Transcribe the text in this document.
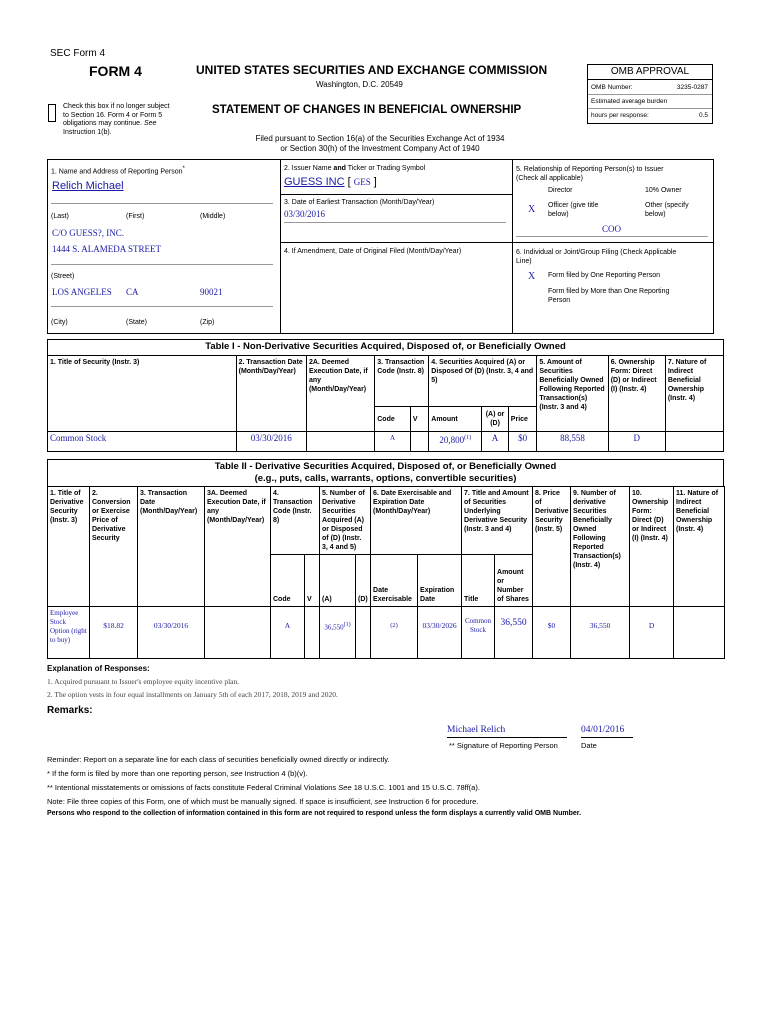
SEC Form 4
FORM 4	UNITED STATES SECURITIES AND EXCHANGE COMMISSION
Washington, D.C. 20549
Check this box if no longer subject
to Section 16. Form 4 or Form 5
obligations may continue. See
Instruction 1(b).
STATEMENT OF CHANGES IN BENEFICIAL OWNERSHIP
Filed pursuant to Section 16(a) of the Securities Exchange Act of 1934
or Section 30(h) of the Investment Company Act of 1940
OMB APPROVAL
OMB Number:	3235-0287
Estimated average burden
hours per response:	0.5
1. Name and Address of Reporting Person*
Relich Michael
(Last)	(First)	(Middle)
C/O GUESS?, INC.
1444 S. ALAMEDA STREET
(Street)
LOS ANGELES CA	90021
(City)	(State)	(Zip)
2. Issuer Name and Ticker or Trading Symbol
GUESS INC [ GES ]
3. Date of Earliest Transaction (Month/Day/Year)
03/30/2016
4. If Amendment, Date of Original Filed (Month/Day/Year)
5. Relationship of Reporting Person(s) to Issuer
(Check all applicable)
Director	10% Owner
X Officer (give title
below)
Other (specify
below)
COO
6. Individual or Joint/Group Filing (Check Applicable
Line)
X Form filed by One Reporting Person
Form filed by More than One Reporting
Person
Table I - Non-Derivative Securities Acquired, Disposed of, or Beneficially Owned
1. Title of Security (Instr. 3)	2. Transaction Date (Month/Day/Year)	2A. Deemed Execution Date, if any (Month/Day/Year)	3. Transaction Code (Instr. 8)		4. Securities Acquired (A) or Disposed Of (D) (Instr. 3, 4 and 5)			5. Amount of Securities Beneficially Owned Following Reported Transaction(s) (Instr. 3 and 4)	6. Ownership Form: Direct (D) or Indirect (I) (Instr. 4)	7. Nature of Indirect Beneficial Ownership (Instr. 4)
			Code	V	Amount	(A) or (D)	Price			
Common Stock	03/30/2016		A		20,800$^{(1)}$	A	$0	88,558	D	
Table II - Derivative Securities Acquired, Disposed of, or Beneficially Owned
(e.g., puts, calls, warrants, options, convertible securities)
1. Title of Derivative Security (Instr. 3)	2. Conversion or Exercise Price of Derivative Security	3. Transaction Date (Month/Day/Year)	3A. Deemed Execution Date, if any (Month/Day/Year)	4. Transaction Code (Instr. 8)		5. Number of Derivative Securities Acquired (A) or Disposed of (D) (Instr. 3, 4 and 5)		6. Date Exercisable and Expiration Date (Month/Day/Year)		7. Title and Amount of Securities Underlying Derivative Security (Instr. 3 and 4)		8. Price of Derivative Security (Instr. 5)	9. Number of derivative Securities Beneficially Owned Following Reported Transaction(s) (Instr. 4)	10. Ownership Form: Direct (D) or Indirect (I) (Instr. 4)	11. Nature of Indirect Beneficial Ownership (Instr. 4)
				Code	V	(A)	(D)	Date Exercisable	Expiration Date	Title	Amount or Number of Shares				
Employee Stock Option (right to buy)	$18.82	03/30/2016		A		36,550$^{(1)}$		(2)	03/30/2026	Common Stock	36,550	$0	36,550	D	
Explanation of Responses:
1. Acquired pursuant to Issuer's employee equity incentive plan.
2. The option vests in four equal installments on January 5th of each 2017, 2018, 2019 and 2020.
Remarks:
Michael Relich	04/01/2016
** Signature of Reporting Person	Date
Reminder: Report on a separate line for each class of securities beneficially owned directly or indirectly.
* If the form is filed by more than one reporting person, see Instruction 4 (b)(v).
** Intentional misstatements or omissions of facts constitute Federal Criminal Violations See 18 U.S.C. 1001 and 15 U.S.C. 78ff(a).
Note: File three copies of this Form, one of which must be manually signed. If space is insufficient, see Instruction 6 for procedure.
Persons who respond to the collection of information contained in this form are not required to respond unless the form displays a currently valid OMB Number.
